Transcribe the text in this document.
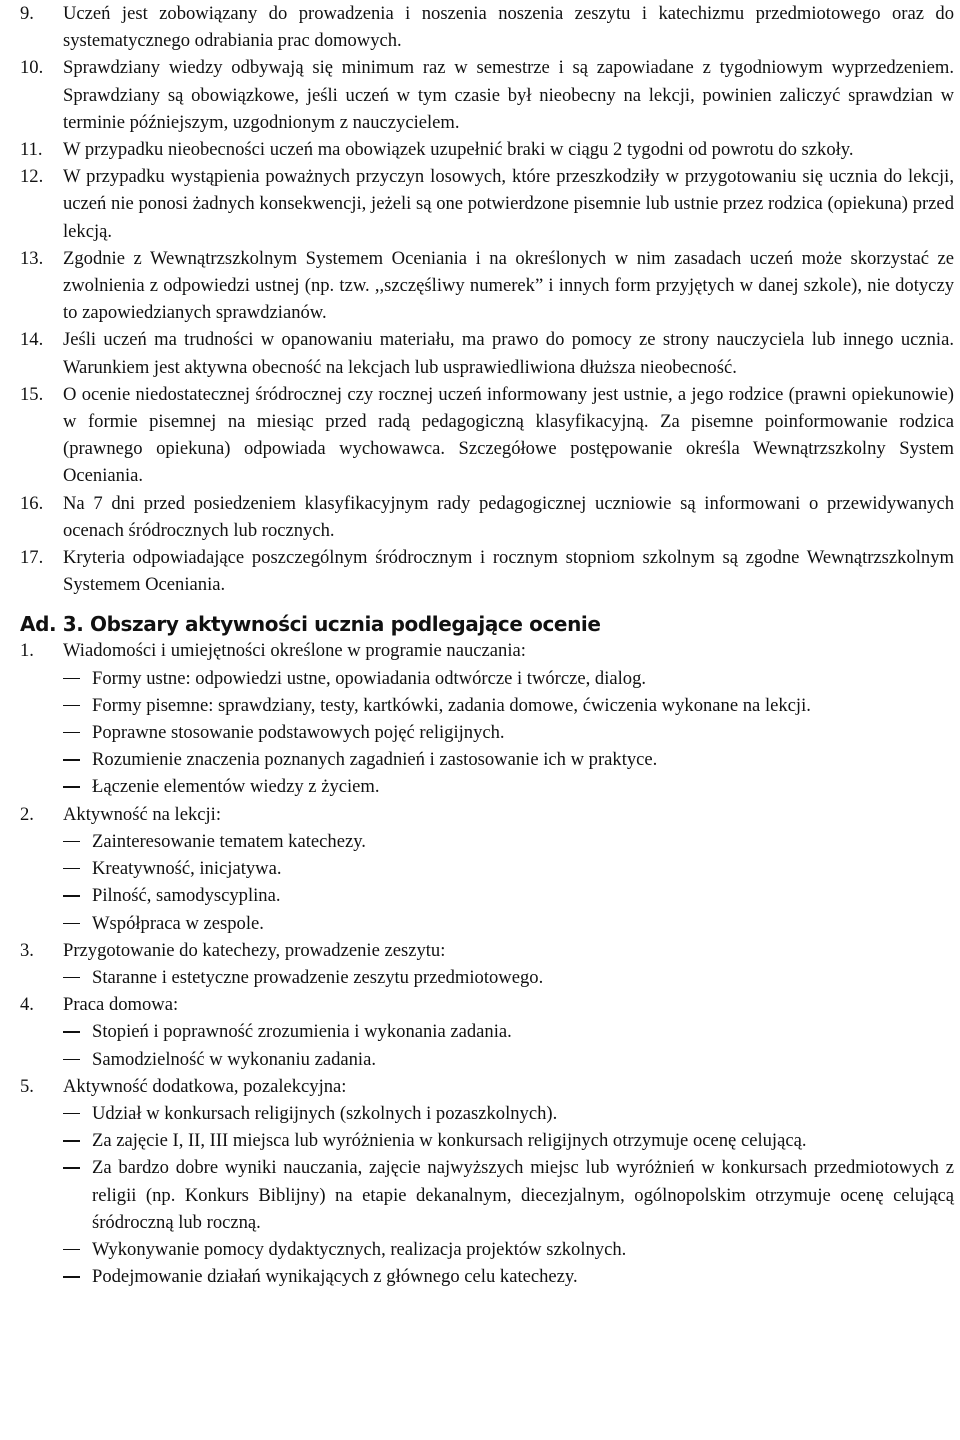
9.	Uczeń jest zobowiązany do prowadzenia i noszenia noszenia zeszytu i katechizmu przedmiotowego oraz do systematycznego odrabiania prac domowych.
10.	Sprawdziany wiedzy odbywają się minimum raz w semestrze i są zapowiadane z tygodniowym wyprzedzeniem. Sprawdziany są obowiązkowe, jeśli uczeń w tym czasie był nieobecny na lekcji, powinien zaliczyć sprawdzian w terminie późniejszym, uzgodnionym z nauczycielem.
11.	W przypadku nieobecności uczeń ma obowiązek uzupełnić braki w ciągu 2 tygodni od powrotu do szkoły.
12.	W przypadku wystąpienia poważnych przyczyn losowych, które przeszkodziły w przygotowaniu się ucznia do lekcji, uczeń nie ponosi żadnych konsekwencji, jeżeli są one potwierdzone pisemnie lub ustnie przez rodzica (opiekuna) przed lekcją.
13.	Zgodnie z Wewnątrzszkolnym Systemem Oceniania i na określonych w nim zasadach uczeń może skorzystać ze zwolnienia z odpowiedzi ustnej (np. tzw. ,,szczęśliwy numerek” i innych form przyjętych w danej szkole), nie dotyczy to zapowiedzianych sprawdzianów.
14.	Jeśli uczeń ma trudności w opanowaniu materiału, ma prawo do pomocy ze strony nauczyciela lub innego ucznia. Warunkiem jest aktywna obecność na lekcjach lub usprawiedliwiona dłuższa nieobecność.
15.	O ocenie niedostatecznej śródrocznej czy rocznej uczeń informowany jest ustnie, a jego rodzice (prawni opiekunowie) w formie pisemnej na miesiąc przed radą pedagogiczną klasyfikacyjną. Za pisemne poinformowanie rodzica (prawnego opiekuna) odpowiada wychowawca. Szczegółowe postępowanie określa Wewnątrzszkolny System Oceniania.
16.	Na 7 dni przed posiedzeniem klasyfikacyjnym rady pedagogicznej uczniowie są informowani o przewidywanych ocenach śródrocznych lub rocznych.
17.	Kryteria odpowiadające poszczególnym śródrocznym i rocznym stopniom szkolnym są zgodne Wewnątrzszkolnym Systemem Oceniania.
Ad. 3. Obszary aktywności ucznia podlegające ocenie
1.	Wiadomości i umiejętności określone w programie nauczania:
Formy ustne: odpowiedzi ustne, opowiadania odtwórcze i twórcze, dialog.
Formy pisemne: sprawdziany, testy, kartkówki, zadania domowe, ćwiczenia wykonane na lekcji.
Poprawne stosowanie podstawowych pojęć religijnych.
Rozumienie znaczenia poznanych zagadnień i zastosowanie ich w praktyce.
Łączenie elementów wiedzy z życiem.
2.	Aktywność na lekcji:
Zainteresowanie tematem katechezy.
Kreatywność, inicjatywa.
Pilność, samodyscyplina.
Współpraca w zespole.
3.	Przygotowanie do katechezy, prowadzenie zeszytu:
Staranne i estetyczne prowadzenie zeszytu przedmiotowego.
4.	Praca domowa:
Stopień i poprawność zrozumienia i wykonania zadania.
Samodzielność w wykonaniu zadania.
5.	Aktywność dodatkowa, pozalekcyjna:
Udział w konkursach religijnych (szkolnych i pozaszkolnych).
Za zajęcie I, II, III miejsca lub wyróżnienia w konkursach religijnych otrzymuje ocenę celującą.
Za bardzo dobre wyniki nauczania, zajęcie najwyższych miejsc lub wyróżnień w konkursach przedmiotowych z religii (np. Konkurs Biblijny) na etapie dekanalnym, diecezjalnym, ogólnopolskim otrzymuje ocenę celującą śródroczną lub roczną.
Wykonywanie pomocy dydaktycznych, realizacja projektów szkolnych.
Podejmowanie działań wynikających z głównego celu katechezy.
